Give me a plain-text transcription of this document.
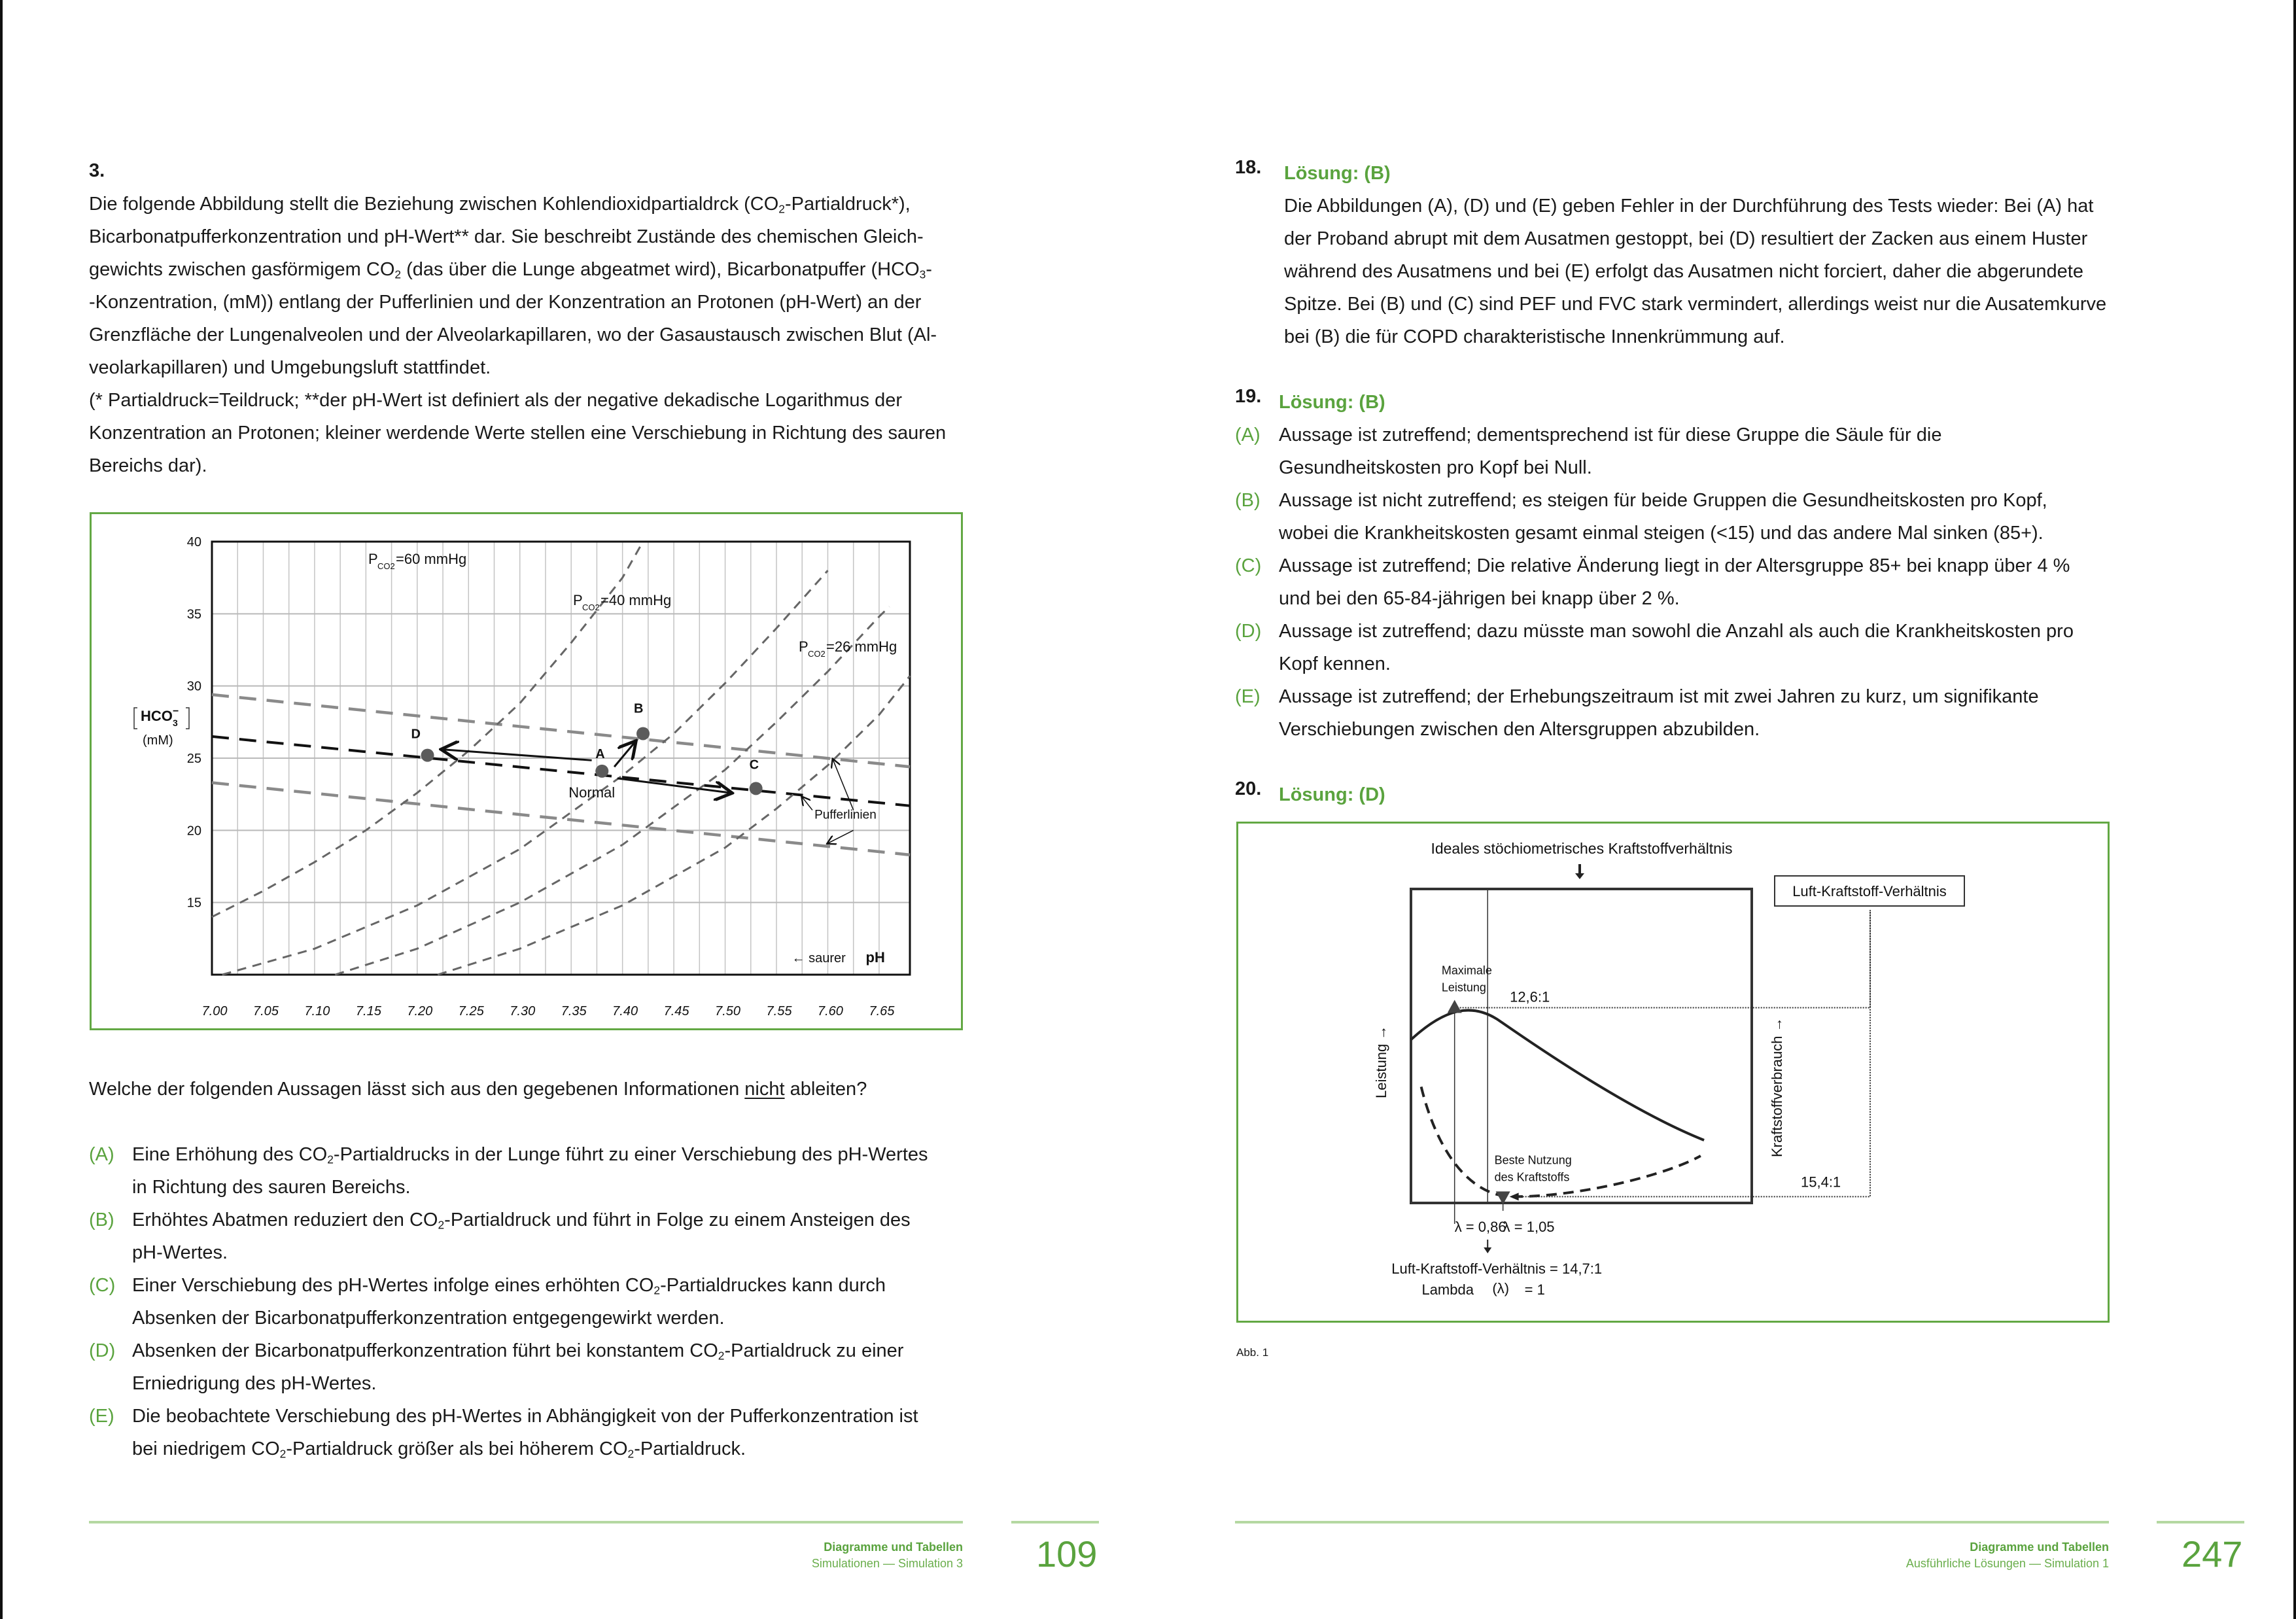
3.
Die folgende Abbildung stellt die Beziehung zwischen Kohlendioxidpartialdrck $(CO_2-Partialdruck*)$,
Bicarbonatpufferkonzentration und pH-Wert** dar. Sie beschreibt Zustände des chemischen Gleich-
gewichts zwischen gasförmigem $CO_2$ (das über die Lunge abgeatmet wird), Bicarbonatpuffer ($HCO_3-$
-Konzentration, (mM)) entlang der Pufferlinien und der Konzentration an Protonen (pH-Wert) an der
Grenzfläche der Lungenalveolen und der Alveolarkapillaren, wo der Gasaustausch zwischen Blut (Al-
veolarkapillaren) und Umgebungsluft stattfindet.
(* Partialdruck=Teildruck; **der pH-Wert ist definiert als der negative dekadische Logarithmus der
Konzentration an Protonen; kleiner werdende Werte stellen eine Verschiebung in Richtung des sauren
Bereichs dar).
40
35
30
25
20
15
7.00 7.05 7.10 7.15 7.20 7.25 7.30 7.35 7.40 7.45 7.50 7.55 7.60 7.65
HCO 3
−
(mM)
P CO2 =60 mmHg
P CO2 =40 mmHg
P CO2 =26 mmHg
A
B
C
D
Normal
Pufferlinien
← saurer pH
Welche der folgenden Aussagen lässt sich aus den gegebenen Informationen nicht ableiten?
(A) Eine Erhöhung des $CO_2$-Partialdrucks in der Lunge führt zu einer Verschiebung des pH-Wertes
in Richtung des sauren Bereichs.
(B) Erhöhtes Abatmen reduziert den $CO_2$-Partialdruck und führt in Folge zu einem Ansteigen des
pH-Wertes.
(C) Einer Verschiebung des pH-Wertes infolge eines erhöhten $CO_2$-Partialdruckes kann durch
Absenken der Bicarbonatpufferkonzentration entgegengewirkt werden.
(D) Absenken der Bicarbonatpufferkonzentration führt bei konstantem $CO_2$-Partialdruck zu einer
Erniedrigung des pH-Wertes.
(E) Die beobachtete Verschiebung des pH-Wertes in Abhängigkeit von der Pufferkonzentration ist
bei niedrigem $CO_2$-Partialdruck größer als bei höherem $CO_2$-Partialdruck.
Diagramme und Tabellen
Simulationen — Simulation 3 109
18. Lösung: (B)
Die Abbildungen (A), (D) und (E) geben Fehler in der Durchführung des Tests wieder: Bei (A) hat
der Proband abrupt mit dem Ausatmen gestoppt, bei (D) resultiert der Zacken aus einem Huster
während des Ausatmens und bei (E) erfolgt das Ausatmen nicht forciert, daher die abgerundete
Spitze. Bei (B) und (C) sind PEF und FVC stark vermindert, allerdings weist nur die Ausatemkurve
bei (B) die für COPD charakteristische Innenkrümmung auf.
19. Lösung: (B)
(A) Aussage ist zutreffend; dementsprechend ist für diese Gruppe die Säule für die
Gesundheitskosten pro Kopf bei Null.
(B) Aussage ist nicht zutreffend; es steigen für beide Gruppen die Gesundheitskosten pro Kopf,
wobei die Krankheitskosten gesamt einmal steigen (<15) und das andere Mal sinken (85+).
(C) Aussage ist zutreffend; Die relative Änderung liegt in der Altersgruppe 85+ bei knapp über 4 %
und bei den 65-84-jährigen bei knapp über 2 %.
(D) Aussage ist zutreffend; dazu müsste man sowohl die Anzahl als auch die Krankheitskosten pro
Kopf kennen.
(E) Aussage ist zutreffend; der Erhebungszeitraum ist mit zwei Jahren zu kurz, um signifikante
Verschiebungen zwischen den Altersgruppen abzubilden.
20. Lösung: (D)
Ideales stöchiometrisches Kraftstoffverhältnis
Luft-Kraftstoff-Verhältnis
Maximale
Leistung
12,6:1
Beste Nutzung
des Kraftstoffs	15,4:1
λ = 0,86
λ = 1,05
Luft-Kraftstoff-Verhältnis = 14,7:1
Lambda (λ) = 1
Leistung →	Kraftstoffverbrauch →
Abb. 1
Diagramme und Tabellen
Ausführliche Lösungen — Simulation 1 247
